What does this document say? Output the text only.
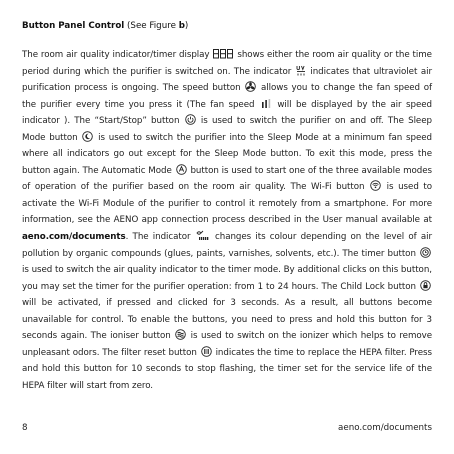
Button Panel Control (See Figure b)

The room air quality indicator/timer display	shows either the room air quality or the time period during which the purifier is switched on. The indicator indicates that ultraviolet air purification process is ongoing. The speed button allows you to change the fan speed of the purifier every time you press it (The fan speed	will be displayed by the air speed indicator ). The “Start/Stop” button is used to switch the purifier on and off. The Sleep Mode button is used to switch the purifier into the Sleep Mode at a minimum fan speed where all indicators go out except for the Sleep Mode button. To exit this mode, press the button again. The Automatic Mode button is used to start one of the three available modes of operation of the purifier based on the room air quality. The Wi-Fi button	is used to activate the Wi-Fi Module of the purifier to control it remotely from a smartphone. For more information, see the AENO app connection process described in the User manual available at aeno.com/documents. The indicator	changes its colour depending on the level of air pollution by organic compounds (glues, paints, varnishes, solvents, etc.). The timer button
is used to switch the air quality indicator to the timer mode. By additional clicks on this button, you may set the timer for the purifier operation: from 1 to 24 hours. The Child Lock button
will be activated, if pressed and clicked for 3 seconds. As a result, all buttons become unavailable for control. To enable the buttons, you need to press and hold this button for 3 seconds again. The ioniser button is used to switch on the ionizer which helps to remove unpleasant odors. The filter reset button indicates the time to replace the HEPA filter. Press and hold this button for 10 seconds to stop flashing, the timer set for the service life of the HEPA filter will start from zero.

8	aeno.com/documents
